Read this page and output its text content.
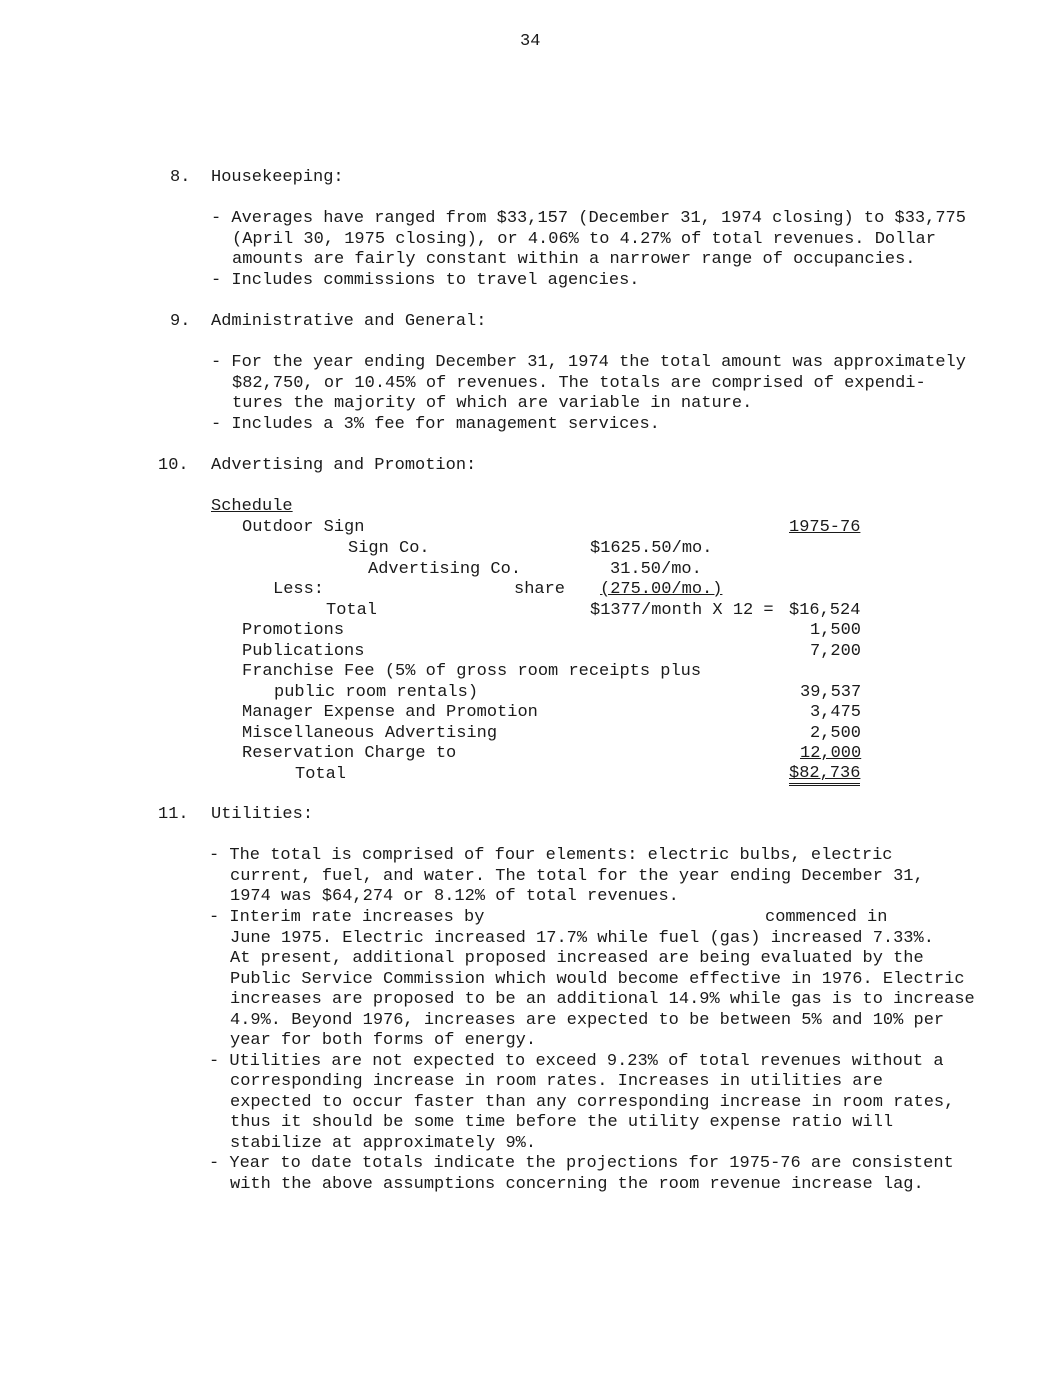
34
8. Housekeeping:
- Averages have ranged from $33,157 (December 31, 1974 closing) to $33,775
(April 30, 1975 closing), or 4.06% to 4.27% of total revenues. Dollar
amounts are fairly constant within a narrower range of occupancies.
- Includes commissions to travel agencies.
9. Administrative and General:
- For the year ending December 31, 1974 the total amount was approximately
$82,750, or 10.45% of revenues. The totals are comprised of expendi-
tures the majority of which are variable in nature.
- Includes a 3% fee for management services.
10. Advertising and Promotion:
Schedule
Outdoor Sign	1975-76
Sign Co.	$1625.50/mo.
Advertising Co.	31.50/mo.
Less:	share (275.00/mo.)
Total	$1377/month X 12 = $16,524
Promotions	1,500
Publications	7,200
Franchise Fee (5% of gross room receipts plus
public room rentals)	39,537
Manager Expense and Promotion	3,475
Miscellaneous Advertising	2,500
Reservation Charge to	12,000
Total	$82,736
11. Utilities:
- The total is comprised of four elements: electric bulbs, electric
current, fuel, and water. The total for the year ending December 31,
1974 was $64,274 or 8.12% of total revenues.
- Interim rate increases by	commenced in
June 1975. Electric increased 17.7% while fuel (gas) increased 7.33%.
At present, additional proposed increased are being evaluated by the
Public Service Commission which would become effective in 1976. Electric
increases are proposed to be an additional 14.9% while gas is to increase
4.9%. Beyond 1976, increases are expected to be between 5% and 10% per
year for both forms of energy.
- Utilities are not expected to exceed 9.23% of total revenues without a
corresponding increase in room rates. Increases in utilities are
expected to occur faster than any corresponding increase in room rates,
thus it should be some time before the utility expense ratio will
stabilize at approximately 9%.
- Year to date totals indicate the projections for 1975-76 are consistent
with the above assumptions concerning the room revenue increase lag.
